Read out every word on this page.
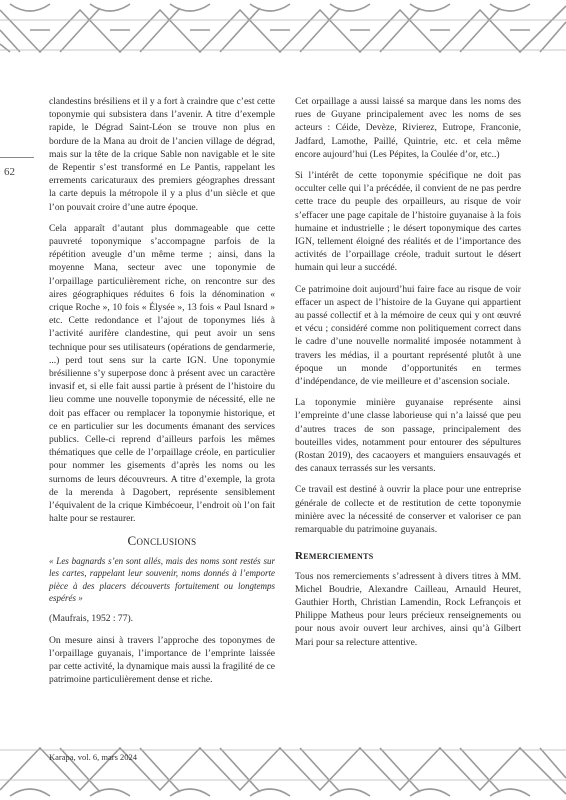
62

clandestins brésiliens et il y a fort à craindre que c’est cette toponymie qui subsistera dans l’avenir. A titre d’exemple rapide, le Dégrad Saint-Léon se trouve non plus en bordure de la Mana au droit de l’ancien village de dégrad, mais sur la tête de la crique Sable non navigable et le site de Repentir s’est transformé en Le Pantis, rappelant les errements caricaturaux des premiers géographes dressant la carte depuis la métropole il y a plus d’un siècle et que l’on pouvait croire d’une autre époque.

Cela apparaît d’autant plus dommageable que cette pauvreté toponymique s’accompagne parfois de la répétition aveugle d’un même terme ; ainsi, dans la moyenne Mana, secteur avec une toponymie de l’orpaillage particulièrement riche, on rencontre sur des aires géographiques réduites 6 fois la dénomination « crique Roche », 10 fois « Élysée », 13 fois « Paul Isnard » etc. Cette redondance et l’ajout de toponymes liés à l’activité aurifère clandestine, qui peut avoir un sens technique pour ses utilisateurs (opérations de gendarmerie, ...) perd tout sens sur la carte IGN. Une toponymie brésilienne s’y superpose donc à présent avec un caractère invasif et, si elle fait aussi partie à présent de l’histoire du lieu comme une nouvelle toponymie de nécessité, elle ne doit pas effacer ou remplacer la toponymie historique, et ce en particulier sur les documents émanant des services publics. Celle-ci reprend d’ailleurs parfois les mêmes thématiques que celle de l’orpaillage créole, en particulier pour nommer les gisements d’après les noms ou les surnoms de leurs découvreurs. A titre d’exemple, la grota de la merenda à Dagobert, représente sensiblement l’équivalent de la crique Kimbécoeur, l’endroit où l’on fait halte pour se restaurer.

Conclusions

« Les bagnards s’en sont allés, mais des noms sont restés sur les cartes, rappelant leur souvenir, noms donnés à l’emporte pièce à des placers découverts fortuitement ou longtemps espérés »

(Maufrais, 1952 : 77).

On mesure ainsi à travers l’approche des toponymes de l’orpaillage guyanais, l’importance de l’emprinte laissée par cette activité, la dynamique mais aussi la fragilité de ce patrimoine particulièrement dense et riche.

Cet orpaillage a aussi laissé sa marque dans les noms des rues de Guyane principalement avec les noms de ses acteurs : Céide, Devèze, Rivierez, Eutrope, Franconie, Jadfard, Lamothe, Paillé, Quintrie, etc. et cela même encore aujourd’hui (Les Pépites, la Coulée d’or, etc..)

Si l’intérêt de cette toponymie spécifique ne doit pas occulter celle qui l’a précédée, il convient de ne pas perdre cette trace du peuple des orpailleurs, au risque de voir s’effacer une page capitale de l’histoire guyanaise à la fois humaine et industrielle ; le désert toponymique des cartes IGN, tellement éloigné des réalités et de l’importance des activités de l’orpaillage créole, traduit surtout le désert humain qui leur a succédé.

Ce patrimoine doit aujourd’hui faire face au risque de voir effacer un aspect de l’histoire de la Guyane qui appartient au passé collectif et à la mémoire de ceux qui y ont œuvré et vécu ; considéré comme non politiquement correct dans le cadre d’une nouvelle normalité imposée notamment à travers les médias, il a pourtant représenté plutôt à une époque un monde d’opportunités en termes d’indépendance, de vie meilleure et d’ascension sociale.

La toponymie minière guyanaise représente ainsi l’empreinte d’une classe laborieuse qui n’a laissé que peu d’autres traces de son passage, principalement des bouteilles vides, notamment pour entourer des sépultures (Rostan 2019), des cacaoyers et manguiers ensauvagés et des canaux terrassés sur les versants.

Ce travail est destiné à ouvrir la place pour une entreprise générale de collecte et de restitution de cette toponymie minière avec la nécessité de conserver et valoriser ce pan remarquable du patrimoine guyanais.

Remerciements

Tous nos remerciements s’adressent à divers titres à MM. Michel Boudrie, Alexandre Cailleau, Arnauld Heuret, Gauthier Horth, Christian Lamendin, Rock Lefrançois et Philippe Matheus pour leurs précieux renseignements ou pour nous avoir ouvert leur archives, ainsi qu’à Gilbert Mari pour sa relecture attentive.

Karapa, vol. 6, mars 2024
